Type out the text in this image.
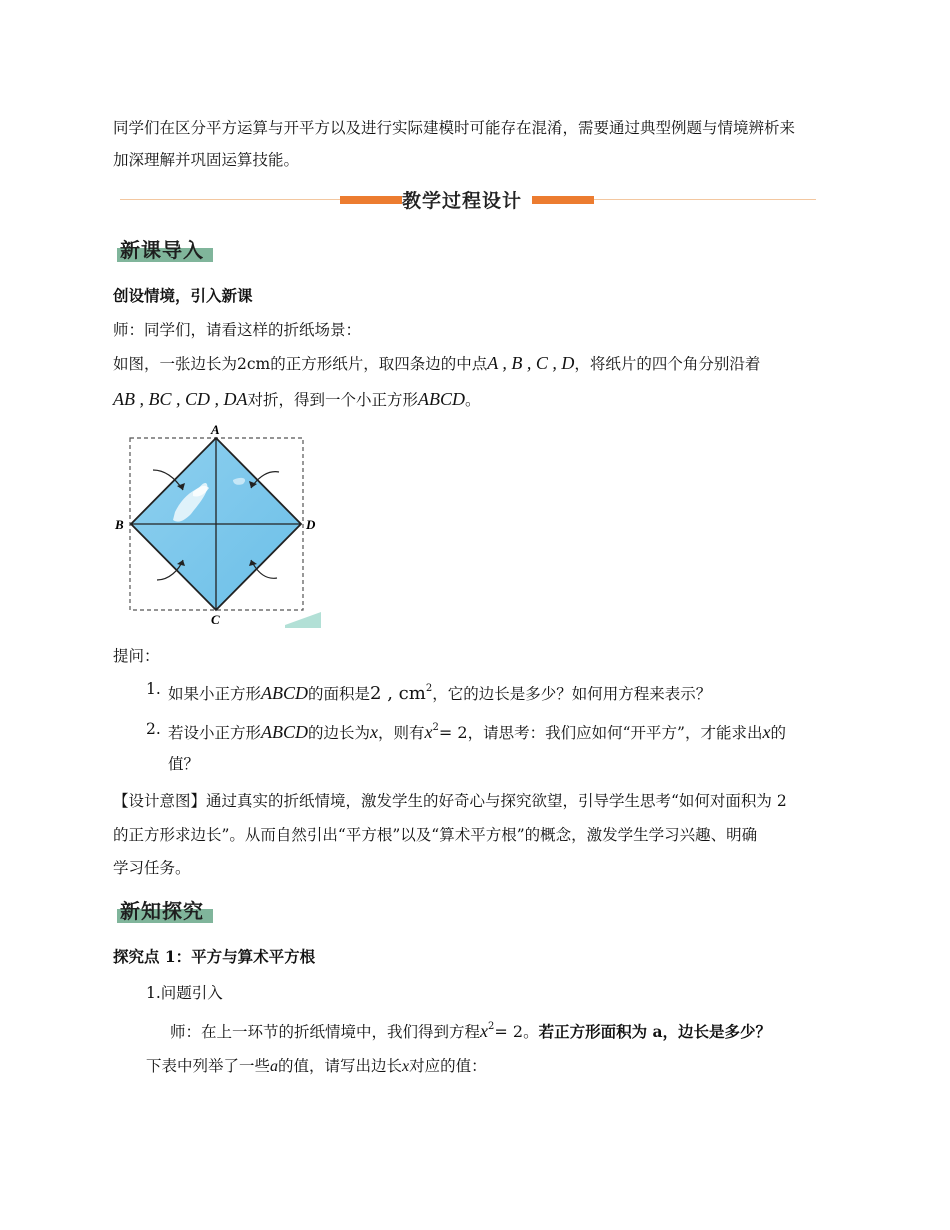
同学们在区分平方运算与开平方以及进行实际建模时可能存在混淆，需要通过典型例题与情境辨析来
加深理解并巩固运算技能。
教学过程设计
新课导入
创设情境，引入新课
师：同学们，请看这样的折纸场景：
如图，一张边长为2cm的正方形纸片，取四条边的中点A , B , C , D，将纸片的四个角分别沿着
AB , BC , CD , DA对折，得到一个小正方形ABCD。
A
B
C
D
提问：
1. 如果小正方形ABCD的面积是2 , $cm^2$，它的边长是多少？如何用方程来表示？
2. 若设小正方形ABCD的边长为x，则有$x^2= 2$，请思考：我们应如何“开平方”，才能求出x的
值？
【设计意图】通过真实的折纸情境，激发学生的好奇心与探究欲望，引导学生思考“如何对面积为 2
的正方形求边长”。从而自然引出“平方根”以及“算术平方根”的概念，激发学生学习兴趣、明确
学习任务。
新知探究
探究点 1：平方与算术平方根
1.问题引入
师：在上一环节的折纸情境中，我们得到方程$x^2= 2$。若正方形面积为 a，边长是多少？
下表中列举了一些a的值，请写出边长x对应的值：
